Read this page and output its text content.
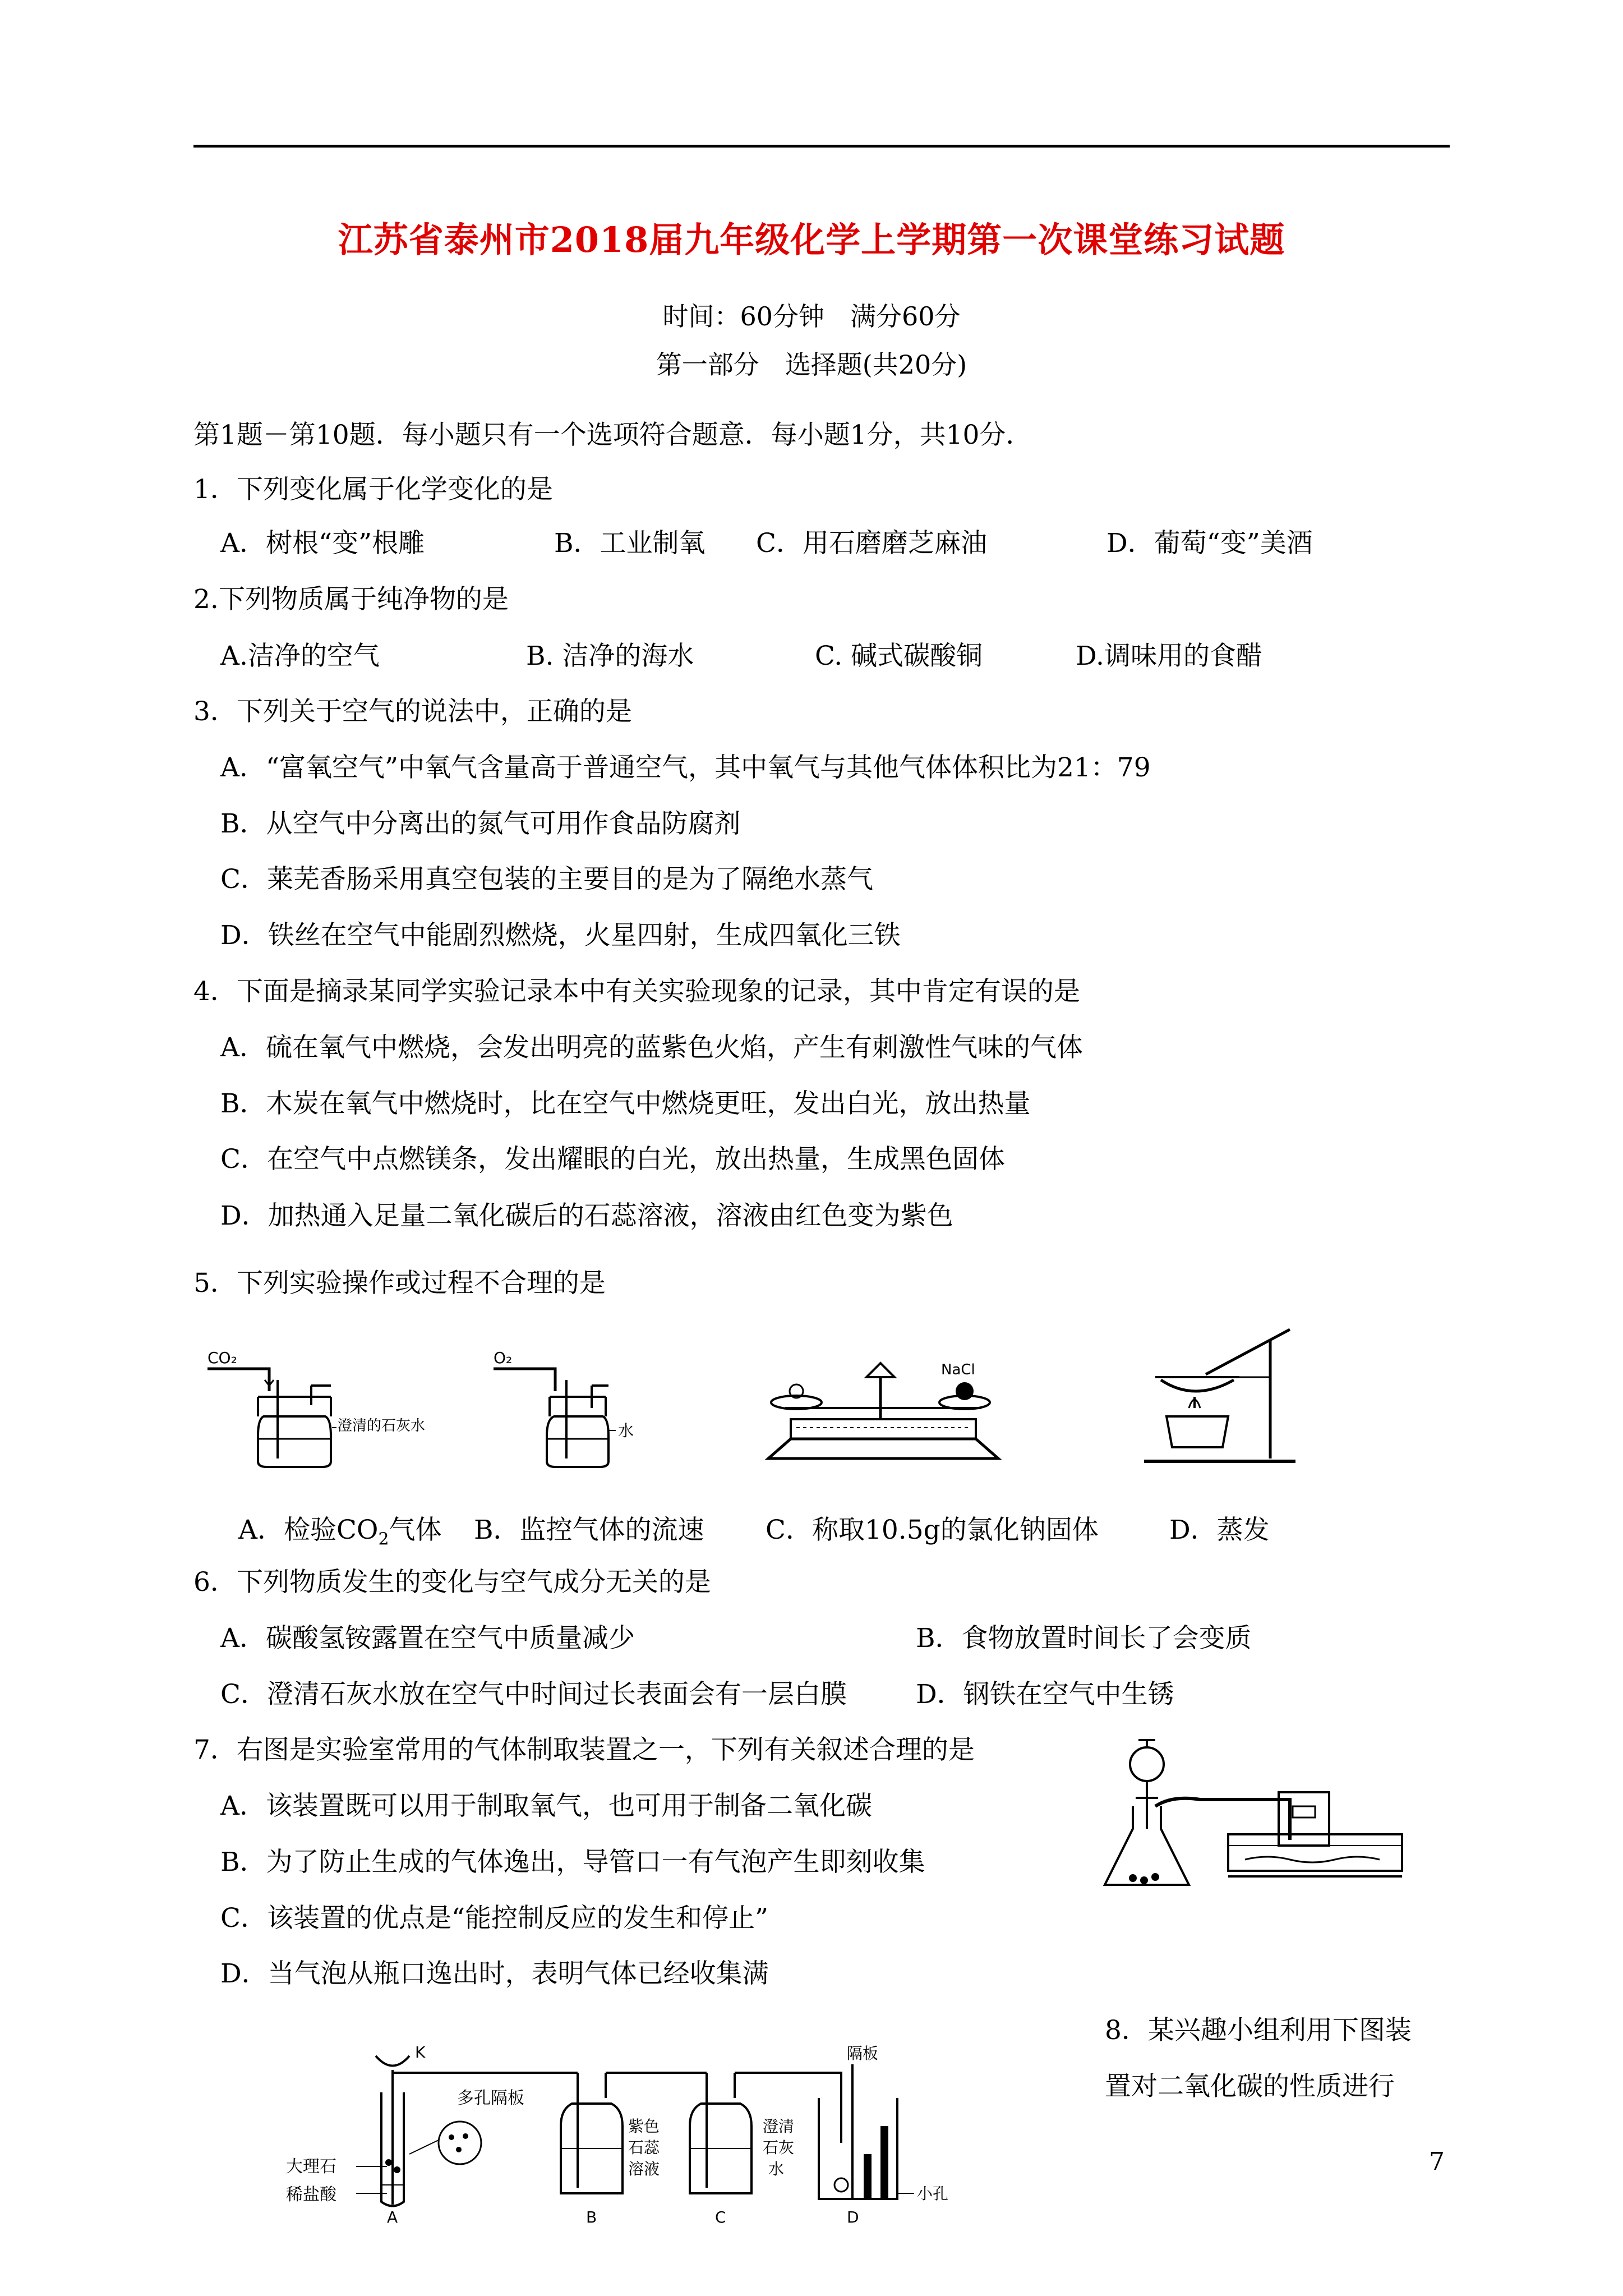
江苏省泰州市2018届九年级化学上学期第一次课堂练习试题
时间：60分钟　满分60分
第一部分　选择题(共20分)
第1题－第10题．每小题只有一个选项符合题意．每小题1分，共10分．
1．下列变化属于化学变化的是
A．树根“变”根雕	B．工业制氧 C．用石磨磨芝麻油	D．葡萄“变”美酒
2.下列物质属于纯净物的是
A.洁净的空气	B. 洁净的海水	C. 碱式碳酸铜	D.调味用的食醋
3．下列关于空气的说法中，正确的是
A．“富氧空气”中氧气含量高于普通空气，其中氧气与其他气体体积比为21：79
B．从空气中分离出的氮气可用作食品防腐剂
C．莱芜香肠采用真空包装的主要目的是为了隔绝水蒸气
D．铁丝在空气中能剧烈燃烧，火星四射，生成四氧化三铁
4．下面是摘录某同学实验记录本中有关实验现象的记录，其中肯定有误的是
A．硫在氧气中燃烧，会发出明亮的蓝紫色火焰，产生有刺激性气味的气体
B．木炭在氧气中燃烧时，比在空气中燃烧更旺，发出白光，放出热量
C．在空气中点燃镁条，发出耀眼的白光，放出热量，生成黑色固体
D．加热通入足量二氧化碳后的石蕊溶液，溶液由红色变为紫色
5．下列实验操作或过程不合理的是
CO₂
澄清的石灰水
O₂
水
NaCl
A．检验$CO_2$气体 B．监控气体的流速 C．称取10.5g的氯化钠固体	D．蒸发
6．下列物质发生的变化与空气成分无关的是
A．碳酸氢铵露置在空气中质量减少	B．食物放置时间长了会变质
C．澄清石灰水放在空气中时间过长表面会有一层白膜	D．钢铁在空气中生锈
7．右图是实验室常用的气体制取装置之一，下列有关叙述合理的是
A．该装置既可以用于制取氧气，也可用于制备二氧化碳
B．为了防止生成的气体逸出，导管口一有气泡产生即刻收集
C．该装置的优点是“能控制反应的发生和停止”
D．当气泡从瓶口逸出时，表明气体已经收集满
8．某兴趣小组利用下图装
置对二氧化碳的性质进行
K
多孔隔板
大理石
稀盐酸
A
紫色
石蕊
溶液
B
澄清
石灰
水
C
隔板
小孔
D
7
